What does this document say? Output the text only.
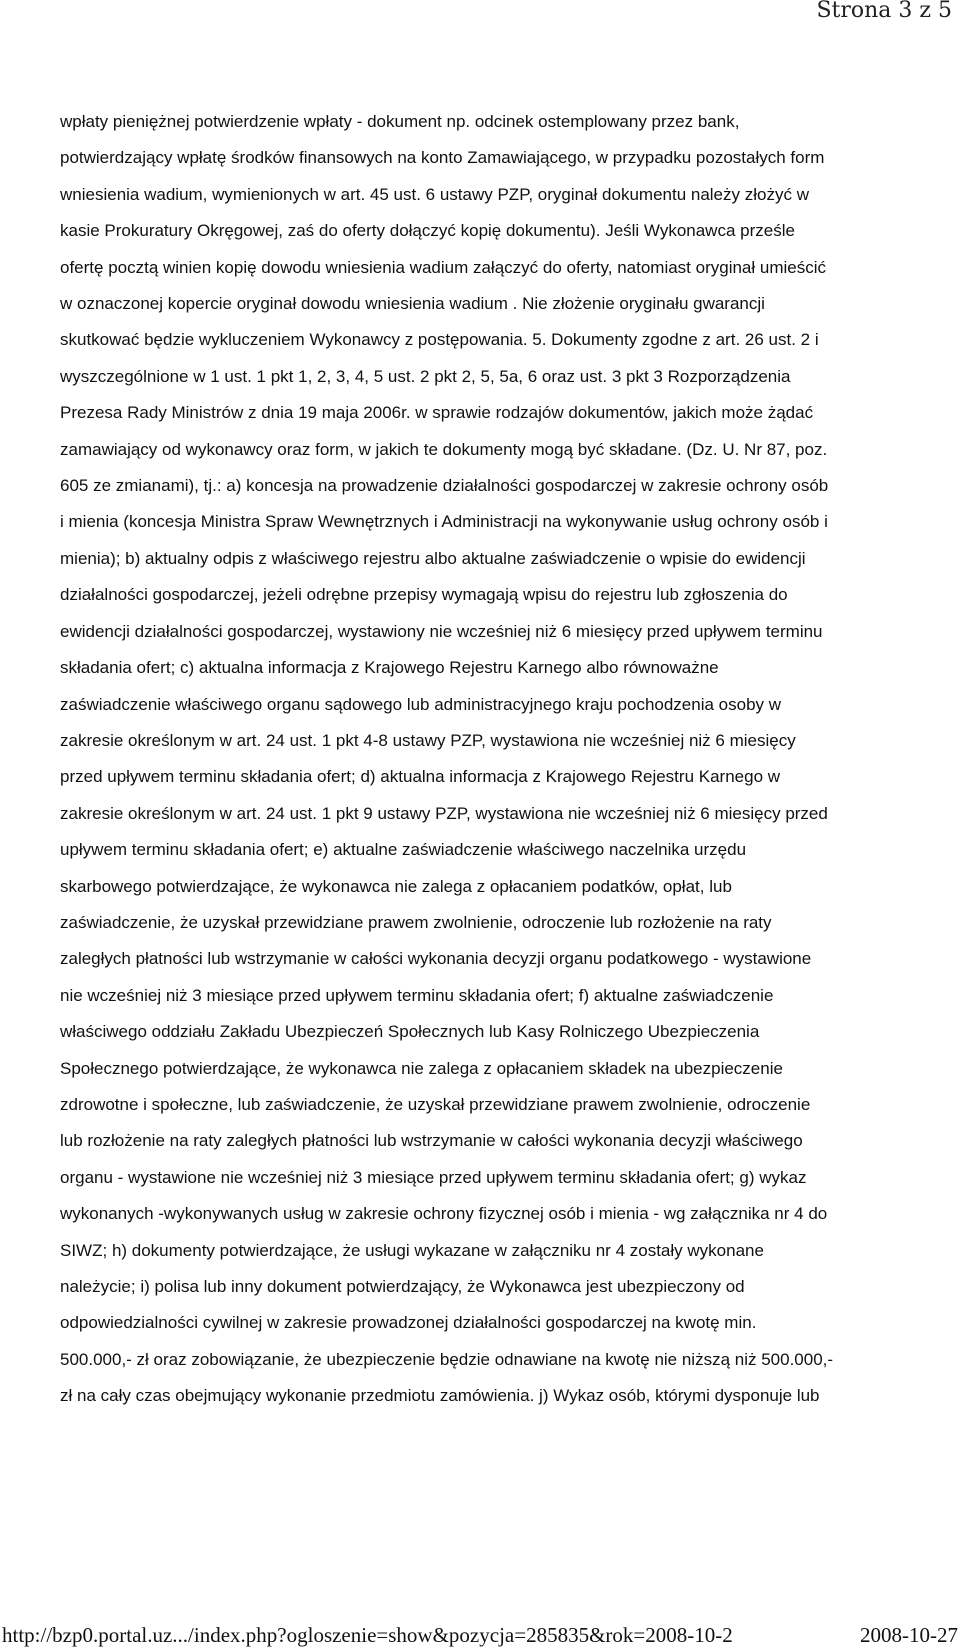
Strona 3 z 5
wpłaty pieniężnej potwierdzenie wpłaty - dokument np. odcinek ostemplowany przez bank,
potwierdzający wpłatę środków finansowych na konto Zamawiającego, w przypadku pozostałych form
wniesienia wadium, wymienionych w art. 45 ust. 6 ustawy PZP, oryginał dokumentu należy złożyć w
kasie Prokuratury Okręgowej, zaś do oferty dołączyć kopię dokumentu). Jeśli Wykonawca prześle
ofertę pocztą winien kopię dowodu wniesienia wadium załączyć do oferty, natomiast oryginał umieścić
w oznaczonej kopercie oryginał dowodu wniesienia wadium . Nie złożenie oryginału gwarancji
skutkować będzie wykluczeniem Wykonawcy z postępowania. 5. Dokumenty zgodne z art. 26 ust. 2 i
wyszczególnione w 1 ust. 1 pkt 1, 2, 3, 4, 5 ust. 2 pkt 2, 5, 5a, 6 oraz ust. 3 pkt 3 Rozporządzenia
Prezesa Rady Ministrów z dnia 19 maja 2006r. w sprawie rodzajów dokumentów, jakich może żądać
zamawiający od wykonawcy oraz form, w jakich te dokumenty mogą być składane. (Dz. U. Nr 87, poz.
605 ze zmianami), tj.: a) koncesja na prowadzenie działalności gospodarczej w zakresie ochrony osób
i mienia (koncesja Ministra Spraw Wewnętrznych i Administracji na wykonywanie usług ochrony osób i
mienia); b) aktualny odpis z właściwego rejestru albo aktualne zaświadczenie o wpisie do ewidencji
działalności gospodarczej, jeżeli odrębne przepisy wymagają wpisu do rejestru lub zgłoszenia do
ewidencji działalności gospodarczej, wystawiony nie wcześniej niż 6 miesięcy przed upływem terminu
składania ofert; c) aktualna informacja z Krajowego Rejestru Karnego albo równoważne
zaświadczenie właściwego organu sądowego lub administracyjnego kraju pochodzenia osoby w
zakresie określonym w art. 24 ust. 1 pkt 4-8 ustawy PZP, wystawiona nie wcześniej niż 6 miesięcy
przed upływem terminu składania ofert; d) aktualna informacja z Krajowego Rejestru Karnego w
zakresie określonym w art. 24 ust. 1 pkt 9 ustawy PZP, wystawiona nie wcześniej niż 6 miesięcy przed
upływem terminu składania ofert; e) aktualne zaświadczenie właściwego naczelnika urzędu
skarbowego potwierdzające, że wykonawca nie zalega z opłacaniem podatków, opłat, lub
zaświadczenie, że uzyskał przewidziane prawem zwolnienie, odroczenie lub rozłożenie na raty
zaległych płatności lub wstrzymanie w całości wykonania decyzji organu podatkowego - wystawione
nie wcześniej niż 3 miesiące przed upływem terminu składania ofert; f) aktualne zaświadczenie
właściwego oddziału Zakładu Ubezpieczeń Społecznych lub Kasy Rolniczego Ubezpieczenia
Społecznego potwierdzające, że wykonawca nie zalega z opłacaniem składek na ubezpieczenie
zdrowotne i społeczne, lub zaświadczenie, że uzyskał przewidziane prawem zwolnienie, odroczenie
lub rozłożenie na raty zaległych płatności lub wstrzymanie w całości wykonania decyzji właściwego
organu - wystawione nie wcześniej niż 3 miesiące przed upływem terminu składania ofert; g) wykaz
wykonanych -wykonywanych usług w zakresie ochrony fizycznej osób i mienia - wg załącznika nr 4 do
SIWZ; h) dokumenty potwierdzające, że usługi wykazane w załączniku nr 4 zostały wykonane
należycie; i) polisa lub inny dokument potwierdzający, że Wykonawca jest ubezpieczony od
odpowiedzialności cywilnej w zakresie prowadzonej działalności gospodarczej na kwotę min.
500.000,- zł oraz zobowiązanie, że ubezpieczenie będzie odnawiane na kwotę nie niższą niż 500.000,-
zł na cały czas obejmujący wykonanie przedmiotu zamówienia. j) Wykaz osób, którymi dysponuje lub
http://bzp0.portal.uz.../index.php?ogloszenie=show&pozycja=285835&rok=2008-10-2	2008-10-27
